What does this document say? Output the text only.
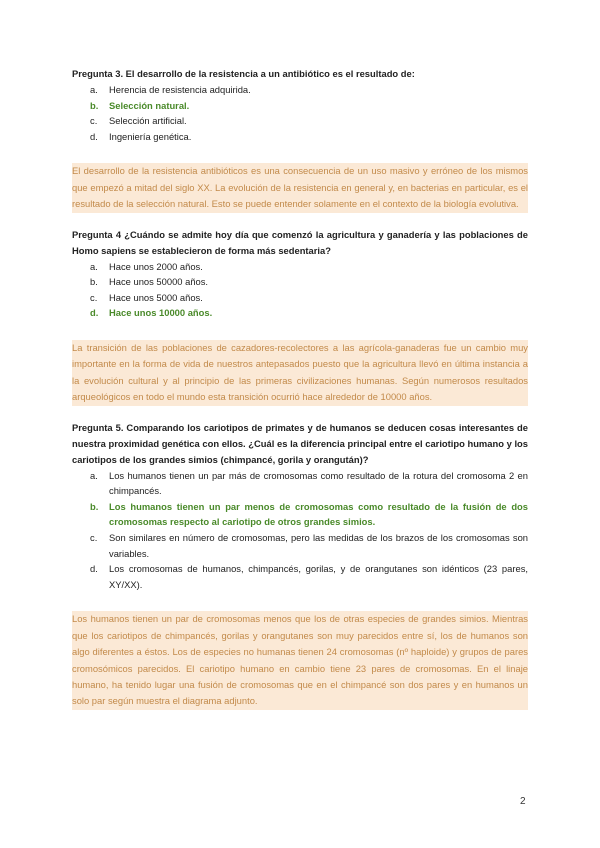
Pregunta 3. El desarrollo de la resistencia a un antibiótico es el resultado de:

a. Herencia de resistencia adquirida.
b. Selección natural.
c. Selección artificial.
d. Ingeniería genética.

El desarrollo de la resistencia antibióticos es una consecuencia de un uso masivo y erróneo de los mismos que empezó a mitad del siglo XX. La evolución de la resistencia en general y, en bacterias en particular, es el resultado de la selección natural. Esto se puede entender solamente en el contexto de la biología evolutiva.

Pregunta 4 ¿Cuándo se admite hoy día que comenzó la agricultura y ganadería y las poblaciones de Homo sapiens se establecieron de forma más sedentaria?

a. Hace unos 2000 años.
b. Hace unos 50000 años.
c. Hace unos 5000 años.
d. Hace unos 10000 años.

La transición de las poblaciones de cazadores-recolectores a las agrícola-ganaderas fue un cambio muy importante en la forma de vida de nuestros antepasados puesto que la agricultura llevó en última instancia a la evolución cultural y al principio de las primeras civilizaciones humanas. Según numerosos resultados arqueológicos en todo el mundo esta transición ocurrió hace alrededor de 10000 años.

Pregunta 5. Comparando los cariotipos de primates y de humanos se deducen cosas interesantes de nuestra proximidad genética con ellos. ¿Cuál es la diferencia principal entre el cariotipo humano y los cariotipos de los grandes simios (chimpancé, gorila y orangután)?

a. Los humanos tienen un par más de cromosomas como resultado de la rotura del cromosoma 2 en chimpancés.
b. Los humanos tienen un par menos de cromosomas como resultado de la fusión de dos cromosomas respecto al cariotipo de otros grandes simios.
c. Son similares en número de cromosomas, pero las medidas de los brazos de los cromosomas son variables.
d. Los cromosomas de humanos, chimpancés, gorilas, y de orangutanes son idénticos (23 pares, XY/XX).

Los humanos tienen un par de cromosomas menos que los de otras especies de grandes simios. Mientras que los cariotipos de chimpancés, gorilas y orangutanes son muy parecidos entre sí, los de humanos son algo diferentes a éstos. Los de especies no humanas tienen 24 cromosomas (nº haploide) y grupos de pares cromosómicos parecidos. El cariotipo humano en cambio tiene 23 pares de cromosomas. En el linaje humano, ha tenido lugar una fusión de cromosomas que en el chimpancé son dos pares y en humanos un solo par según muestra el diagrama adjunto.

2
